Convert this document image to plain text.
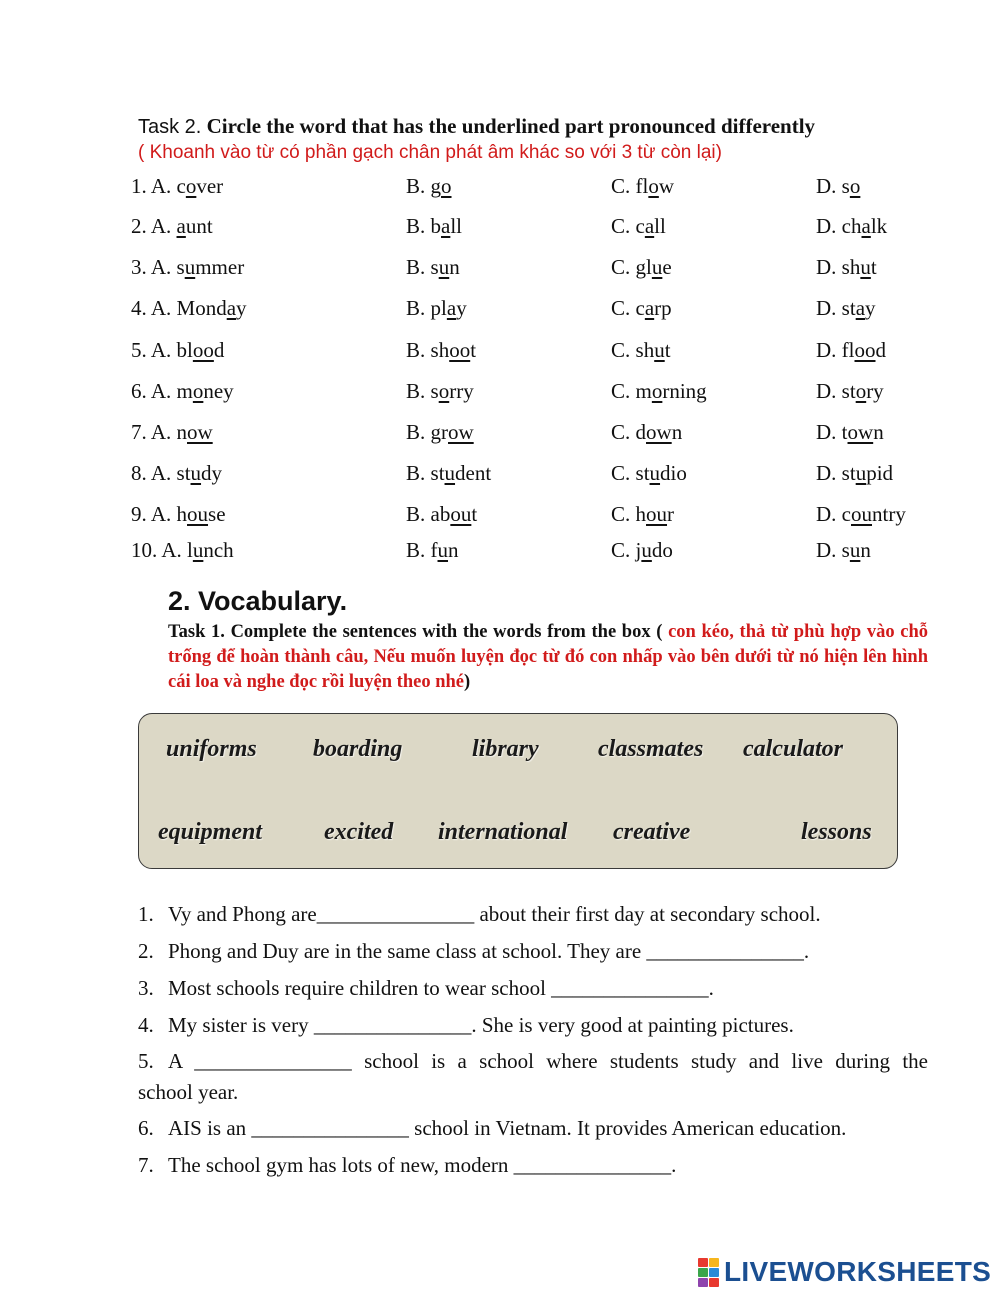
Task 2. Circle the word that has the underlined part pronounced differently
( Khoanh vào từ có phần gạch chân phát âm khác so với 3 từ còn lại)
1. A. cover	B. go	C. flow	D. so
2. A. aunt	B. ball	C. call	D. chalk
3. A. summer	B. sun	C. glue	D. shut
4. A. Monday	B. play	C. carp	D. stay
5. A. blood	B. shoot	C. shut	D. flood
6. A. money	B. sorry	C. morning	D. story
7. A. now	B. grow	C. down	D. town
8. A. study	B. student	C. studio	D. stupid
9. A. house	B. about	C. hour	D. country
10. A. lunch	B. fun	C. judo	D. sun
2. Vocabulary.
Task 1. Complete the sentences with the words from the box ( con kéo, thả từ phù hợp vào chỗ trống để hoàn thành câu, Nếu muốn luyện đọc từ đó con nhấp vào bên dưới từ nó hiện lên hình cái loa và nghe đọc rồi luyện theo nhé)
uniforms boarding	library classmates calculator
equipment	excited international creative	lessons
1. Vy and Phong are_______________ about their first day at secondary school.
2. Phong and Duy are in the same class at school. They are _______________.
3. Most schools require children to wear school _______________.
4. My sister is very _______________. She is very good at painting pictures.
5. A _______________ school is a school where students study and live during the
school year.
6. AIS is an _______________ school in Vietnam. It provides American education.
7. The school gym has lots of new, modern _______________.
LIVEWORKSHEETS
